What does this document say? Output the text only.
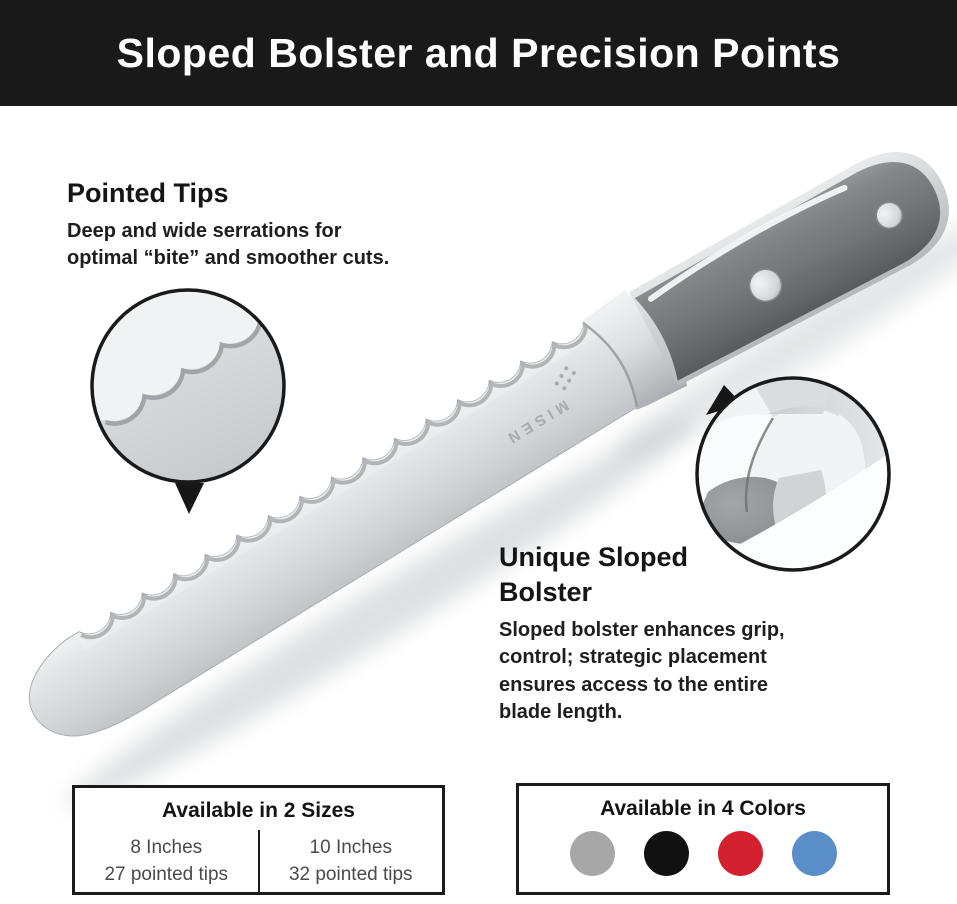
Sloped Bolster and Precision Points
MISEN
Pointed Tips

Deep and wide serrations for optimal “bite” and smoother cuts.

Unique Sloped Bolster

Sloped bolster enhances grip, control; strategic placement ensures access to the entire blade length.

Available in 2 Sizes
8 Inches
27 pointed tips
10 Inches
32 pointed tips
Available in 4 Colors
